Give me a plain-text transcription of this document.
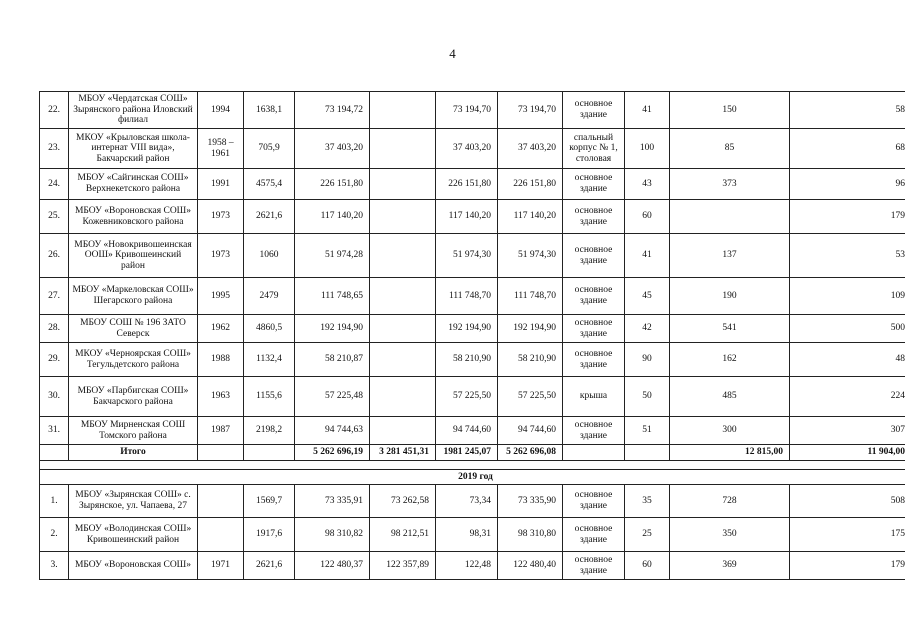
4
22.	МБОУ «Чердатская СОШ» Зырянского района Иловский филиал	1994	1638,1	73 194,72		73 194,70	73 194,70	основное здание	41	150	58
23.	МКОУ «Крыловская школа-интернат VIII вида», Бакчарский район	1958 – 1961	705,9	37 403,20		37 403,20	37 403,20	спальный корпус № 1, столовая	100	85	68
24.	МБОУ «Сайгинская СОШ» Верхнекетского района	1991	4575,4	226 151,80		226 151,80	226 151,80	основное здание	43	373	96
25.	МБОУ «Вороновская СОШ» Кожевниковского района	1973	2621,6	117 140,20		117 140,20	117 140,20	основное здание	60		179
26.	МБОУ «Новокривошеинская ООШ» Кривошеинский район	1973	1060	51 974,28		51 974,30	51 974,30	основное здание	41	137	53
27.	МБОУ «Маркеловская СОШ» Шегарского района	1995	2479	111 748,65		111 748,70	111 748,70	основное здание	45	190	109
28.	МБОУ СОШ № 196 ЗАТО Северск	1962	4860,5	192 194,90		192 194,90	192 194,90	основное здание	42	541	500
29.	МКОУ «Черноярская СОШ» Тегульдетского района	1988	1132,4	58 210,87		58 210,90	58 210,90	основное здание	90	162	48
30.	МБОУ «Парбигская СОШ» Бакчарского района	1963	1155,6	57 225,48		57 225,50	57 225,50	крыша	50	485	224
31.	МБОУ Мирненская СОШ Томского района	1987	2198,2	94 744,63		94 744,60	94 744,60	основное здание	51	300	307
	Итого			5 262 696,19	3 281 451,31	1981 245,07	5 262 696,08			12 815,00	11 904,00

2019 год											
1.	МБОУ «Зырянская СОШ» с. Зырянское, ул. Чапаева, 27		1569,7	73 335,91	73 262,58	73,34	73 335,90	основное здание	35	728	508
2.	МБОУ «Володинская СОШ» Кривошеинский район		1917,6	98 310,82	98 212,51	98,31	98 310,80	основное здание	25	350	175
3.	МБОУ «Вороновская СОШ»	1971	2621,6	122 480,37	122 357,89	122,48	122 480,40	основное здание	60	369	179
